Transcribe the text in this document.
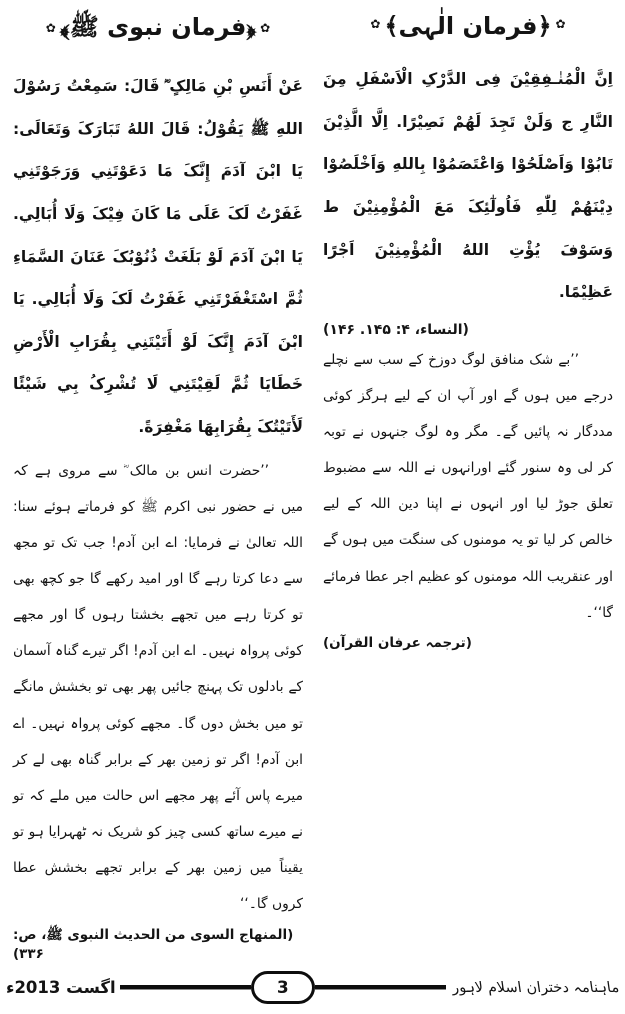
✿
﴿فرمان الٰہی﴾
✿

اِنَّ الْمُنٰـفِقِيْنَ فِی الدَّرْکِ الْاَسْفَلِ مِنَ النَّارِ ج وَلَنْ تَجِدَ لَهُمْ نَصِيْرًا. اِلَّا الَّذِيْنَ تَابُوْا وَاَصْلَحُوْا وَاعْتَصَمُوْا بِاللهِ وَاَخْلَصُوْا دِيْنَهُمْ لِلّٰهِ فَاُولٰٓئِکَ مَعَ الْمُؤْمِنِيْنَ ط وَسَوْفَ يُؤْتِ اللهُ الْمُؤْمِنِيْنَ اَجْرًا عَظِيْمًا.

(النساء، ۴: ۱۴۵. ۱۴۶)

’’بے شک منافق لوگ دوزخ کے سب سے نچلے درجے میں ہوں گے اور آپ ان کے لیے ہرگز کوئی مددگار نہ پائیں گے۔ مگر وہ لوگ جنہوں نے توبہ کر لی وہ سنور گئے اورانہوں نے اللہ سے مضبوط تعلق جوڑ لیا اور انہوں نے اپنا دین اللہ کے لیے خالص کر لیا تو یہ مومنوں کی سنگت میں ہوں گے اور عنقریب اللہ مومنوں کو عظیم اجر عطا فرمائے گا‘‘۔

(ترجمہ عرفان القرآن)

✿
﴿فرمان نبوی ﷺ﴾
✿

عَنْ أَنَسِ بْنِ مَالِکٍ ؓ قَالَ: سَمِعْتُ رَسُوْلَ اللهِ ﷺ يَقُوْلُ: قَالَ اللهُ تَبَارَکَ وَتَعَالَی: يَا ابْنَ آدَمَ إِنَّکَ مَا دَعَوْتَنِي وَرَجَوْتَنِي غَفَرْتُ لَکَ عَلَی مَا کَانَ فِيْکَ وَلَا أُبَالِي. يَا ابْنَ آدَمَ لَوْ بَلَغَتْ ذُنُوْبُکَ عَنَانَ السَّمَاءِ ثُمَّ اسْتَغْفَرْتَنِي غَفَرْتُ لَکَ وَلَا أُبَالِي. يَا ابْنَ آدَمَ إِنَّکَ لَوْ أَتَيْتَنِي بِقُرَابِ الْأَرْضِ خَطَايَا ثُمَّ لَقِيْتَنِي لَا تُشْرِکُ بِي شَيْئًا لَأَتَيْتُکَ بِقُرَابِهَا مَغْفِرَةً.

’’حضرت انس بن مالک ؓ سے مروی ہے کہ میں نے حضور نبی اکرم ﷺ کو فرماتے ہوئے سنا: اللہ تعالیٰ نے فرمایا: اے ابن آدم! جب تک تو مجھ سے دعا کرتا رہے گا اور امید رکھے گا جو کچھ بھی تو کرتا رہے میں تجھے بخشتا رہوں گا اور مجھے کوئی پرواہ نہیں۔ اے ابن آدم! اگر تیرے گناہ آسمان کے بادلوں تک پہنچ جائیں پھر بھی تو بخشش مانگے تو میں بخش دوں گا۔ مجھے کوئی پرواہ نہیں۔ اے ابن آدم! اگر تو زمین بھر کے برابر گناہ بھی لے کر میرے پاس آئے پھر مجھے اس حالت میں ملے کہ تو نے میرے ساتھ کسی چیز کو شریک نہ ٹھہرایا ہو تو یقیناً میں زمین بھر کے برابر تجھے بخشش عطا کروں گا۔‘‘

(المنهاج السوی من الحديث النبوی ﷺ، ص: ۳۳۶)

ماہنامہ دختران اسلام لاہور
3
اگست 2013ء
